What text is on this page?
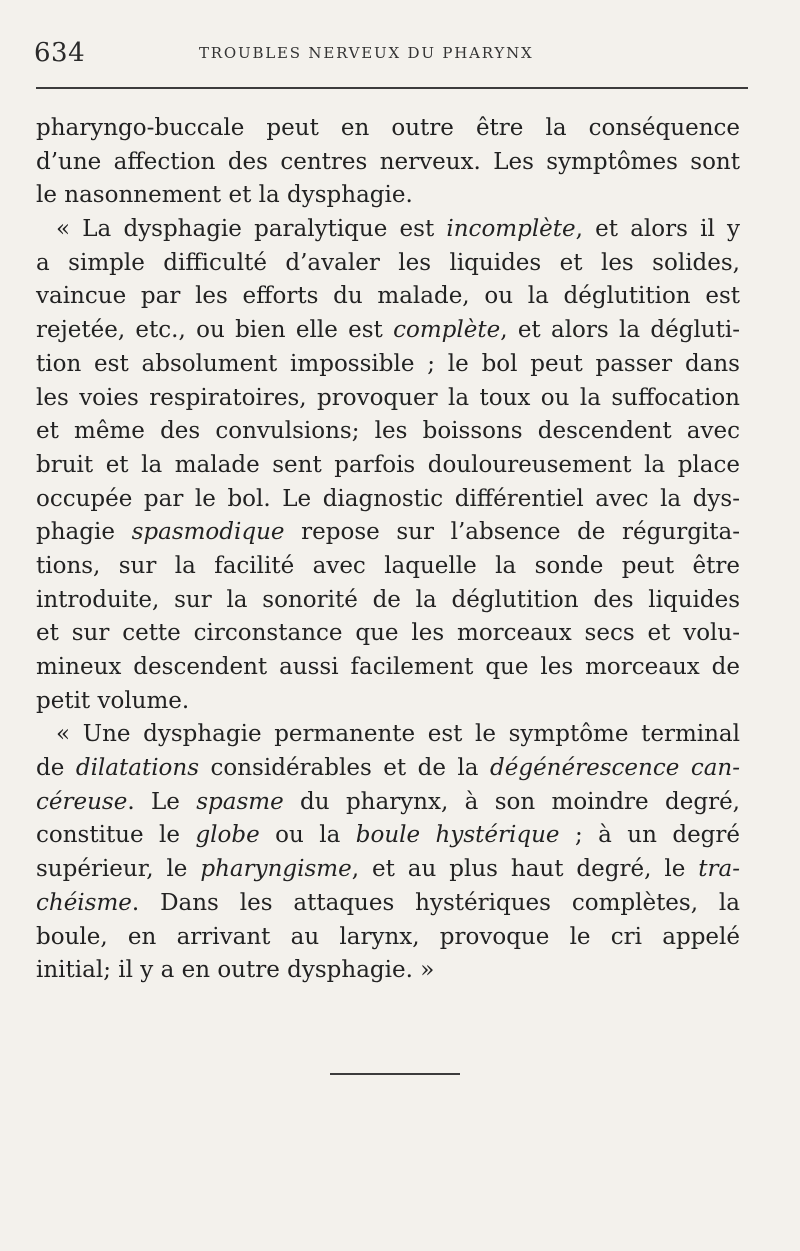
634	TROUBLES NERVEUX DU PHARYNX
pharyngo-buccale peut en outre être la conséquence
d’une affection des centres nerveux. Les symptômes sont
le nasonnement et la dysphagie.
« La dysphagie paralytique est incomplète, et alors il y
a simple difficulté d’avaler les liquides et les solides,
vaincue par les efforts du malade, ou la déglutition est
rejetée, etc., ou bien elle est complète, et alors la dégluti-
tion est absolument impossible ; le bol peut passer dans
les voies respiratoires, provoquer la toux ou la suffocation
et même des convulsions; les boissons descendent avec
bruit et la malade sent parfois douloureusement la place
occupée par le bol. Le diagnostic différentiel avec la dys-
phagie spasmodique repose sur l’absence de régurgita-
tions, sur la facilité avec laquelle la sonde peut être
introduite, sur la sonorité de la déglutition des liquides
et sur cette circonstance que les morceaux secs et volu-
mineux descendent aussi facilement que les morceaux de
petit volume.
« Une dysphagie permanente est le symptôme terminal
de dilatations considérables et de la dégénérescence can-
céreuse. Le spasme du pharynx, à son moindre degré,
constitue le globe ou la boule hystérique ; à un degré
supérieur, le pharyngisme, et au plus haut degré, le tra-
chéisme. Dans les attaques hystériques complètes, la
boule, en arrivant au larynx, provoque le cri appelé
initial; il y a en outre dysphagie. »
